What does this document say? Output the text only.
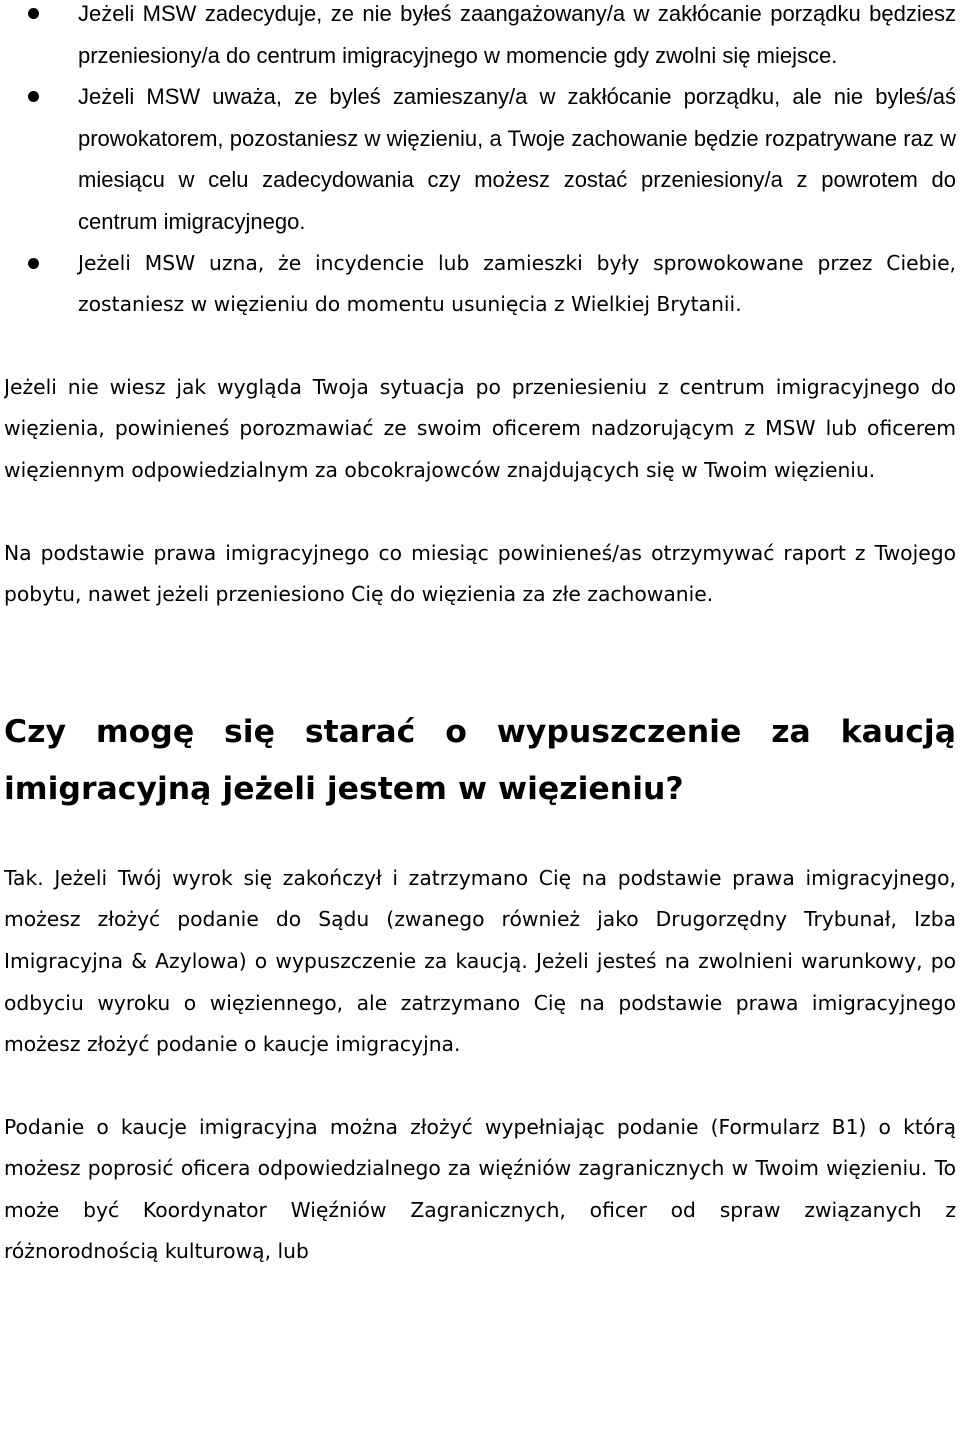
Jeżeli MSW zadecyduje, ze nie byłeś zaangażowany/a w zakłócanie porządku będziesz przeniesiony/a do centrum imigracyjnego w momencie gdy zwolni się miejsce.
Jeżeli MSW uważa, ze byleś zamieszany/a w zakłócanie porządku, ale nie byleś/aś prowokatorem, pozostaniesz w więzieniu, a Twoje zachowanie będzie rozpatrywane raz w miesiącu w celu zadecydowania czy możesz zostać przeniesiony/a z powrotem do centrum imigracyjnego.
Jeżeli MSW uzna, że incydencie lub zamieszki były sprowokowane przez Ciebie, zostaniesz w więzieniu do momentu usunięcia z Wielkiej Brytanii.

Jeżeli nie wiesz jak wygląda Twoja sytuacja po przeniesieniu z centrum imigracyjnego do więzienia, powinieneś porozmawiać ze swoim oficerem nadzorującym z MSW lub oficerem więziennym odpowiedzialnym za obcokrajowców znajdujących się w Twoim więzieniu.

Na podstawie prawa imigracyjnego co miesiąc powinieneś/as otrzymywać raport z Twojego pobytu, nawet jeżeli przeniesiono Cię do więzienia za złe zachowanie.

Czy mogę się starać o wypuszczenie za kaucją imigracyjną jeżeli jestem w więzieniu?

Tak. Jeżeli Twój wyrok się zakończył i zatrzymano Cię na podstawie prawa imigracyjnego, możesz złożyć podanie do Sądu (zwanego również jako Drugorzędny Trybunał, Izba Imigracyjna & Azylowa) o wypuszczenie za kaucją. Jeżeli jesteś na zwolnieni warunkowy, po odbyciu wyroku o więziennego, ale zatrzymano Cię na podstawie prawa imigracyjnego możesz złożyć podanie o kaucje imigracyjna.

Podanie o kaucje imigracyjna można złożyć wypełniając podanie (Formularz B1) o którą możesz poprosić oficera odpowiedzialnego za więźniów zagranicznych w Twoim więzieniu. To może być Koordynator Więźniów Zagranicznych, oficer od spraw związanych z różnorodnością kulturową, lub
